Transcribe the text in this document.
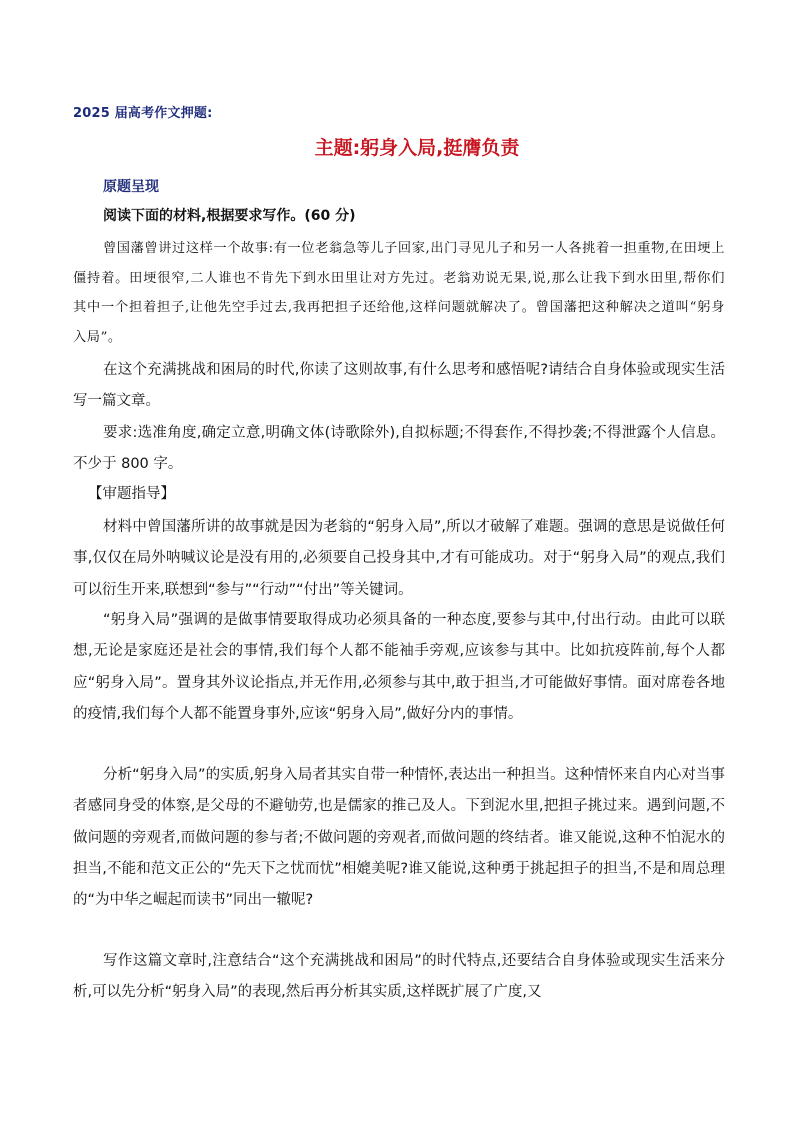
2025 届高考作文押题:
主题:躬身入局,挺膺负责
原题呈现
阅读下面的材料,根据要求写作。(60 分)

曾国藩曾讲过这样一个故事:有一位老翁急等儿子回家,出门寻见儿子和另一人各挑着一担重物,在田埂上僵持着。田埂很窄,二人谁也不肯先下到水田里让对方先过。老翁劝说无果,说,那么让我下到水田里,帮你们其中一个担着担子,让他先空手过去,我再把担子还给他,这样问题就解决了。曾国藩把这种解决之道叫“躬身入局”。

在这个充满挑战和困局的时代,你读了这则故事,有什么思考和感悟呢?请结合自身体验或现实生活写一篇文章。

要求:选准角度,确定立意,明确文体(诗歌除外),自拟标题;不得套作,不得抄袭;不得泄露个人信息。不少于 800 字。

【审题指导】

材料中曾国藩所讲的故事就是因为老翁的“躬身入局”,所以才破解了难题。强调的意思是说做任何事,仅仅在局外呐喊议论是没有用的,必须要自己投身其中,才有可能成功。对于“躬身入局”的观点,我们可以衍生开来,联想到“参与”“行动”“付出”等关键词。

“躬身入局”强调的是做事情要取得成功必须具备的一种态度,要参与其中,付出行动。由此可以联想,无论是家庭还是社会的事情,我们每个人都不能袖手旁观,应该参与其中。比如抗疫阵前,每个人都应“躬身入局”。置身其外议论指点,并无作用,必须参与其中,敢于担当,才可能做好事情。面对席卷各地的疫情,我们每个人都不能置身事外,应该“躬身入局”,做好分内的事情。

分析“躬身入局”的实质,躬身入局者其实自带一种情怀,表达出一种担当。这种情怀来自内心对当事者感同身受的体察,是父母的不避劬劳,也是儒家的推己及人。下到泥水里,把担子挑过来。遇到问题,不做问题的旁观者,而做问题的参与者;不做问题的旁观者,而做问题的终结者。谁又能说,这种不怕泥水的担当,不能和范文正公的“先天下之忧而忧”相媲美呢?谁又能说,这种勇于挑起担子的担当,不是和周总理的“为中华之崛起而读书”同出一辙呢?

写作这篇文章时,注意结合“这个充满挑战和困局”的时代特点,还要结合自身体验或现实生活来分析,可以先分析“躬身入局”的表现,然后再分析其实质,这样既扩展了广度,又
